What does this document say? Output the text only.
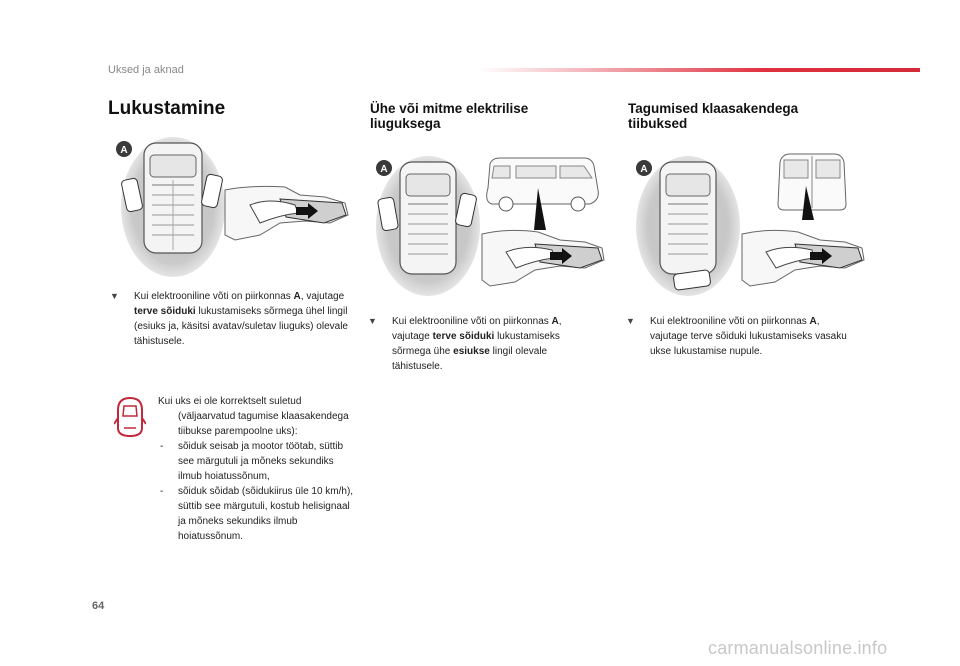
Uksed ja aknad
Lukustamine	Ühe või mitme elektrilise liuguksega
Tagumised klaasakendega tiibuksed
A
▼	Kui elektrooniline võti on piirkonnas A, vajutage terve sõiduki lukustamiseks sõrmega ühel lingil (esiuks ja, käsitsi avatav/suletav liuguks) olevale tähistusele.
Kui uks ei ole korrektselt suletud
(väljaarvatud tagumise klaasakendega tiibukse parempoolne uks):
- sõiduk seisab ja mootor töötab, süttib see märgutuli ja mõneks sekundiks ilmub hoiatussõnum,
- sõiduk sõidab (sõidukiirus üle 10 km/h), süttib see märgutuli, kostub helisignaal ja mõneks sekundiks ilmub hoiatussõnum.
A
▼	Kui elektrooniline võti on piirkonnas A, vajutage terve sõiduki lukustamiseks sõrmega ühe esiukse lingil olevale tähistusele.
A
▼	Kui elektrooniline võti on piirkonnas A, vajutage terve sõiduki lukustamiseks vasaku ukse lukustamise nupule.
64
carmanualsonline.info
